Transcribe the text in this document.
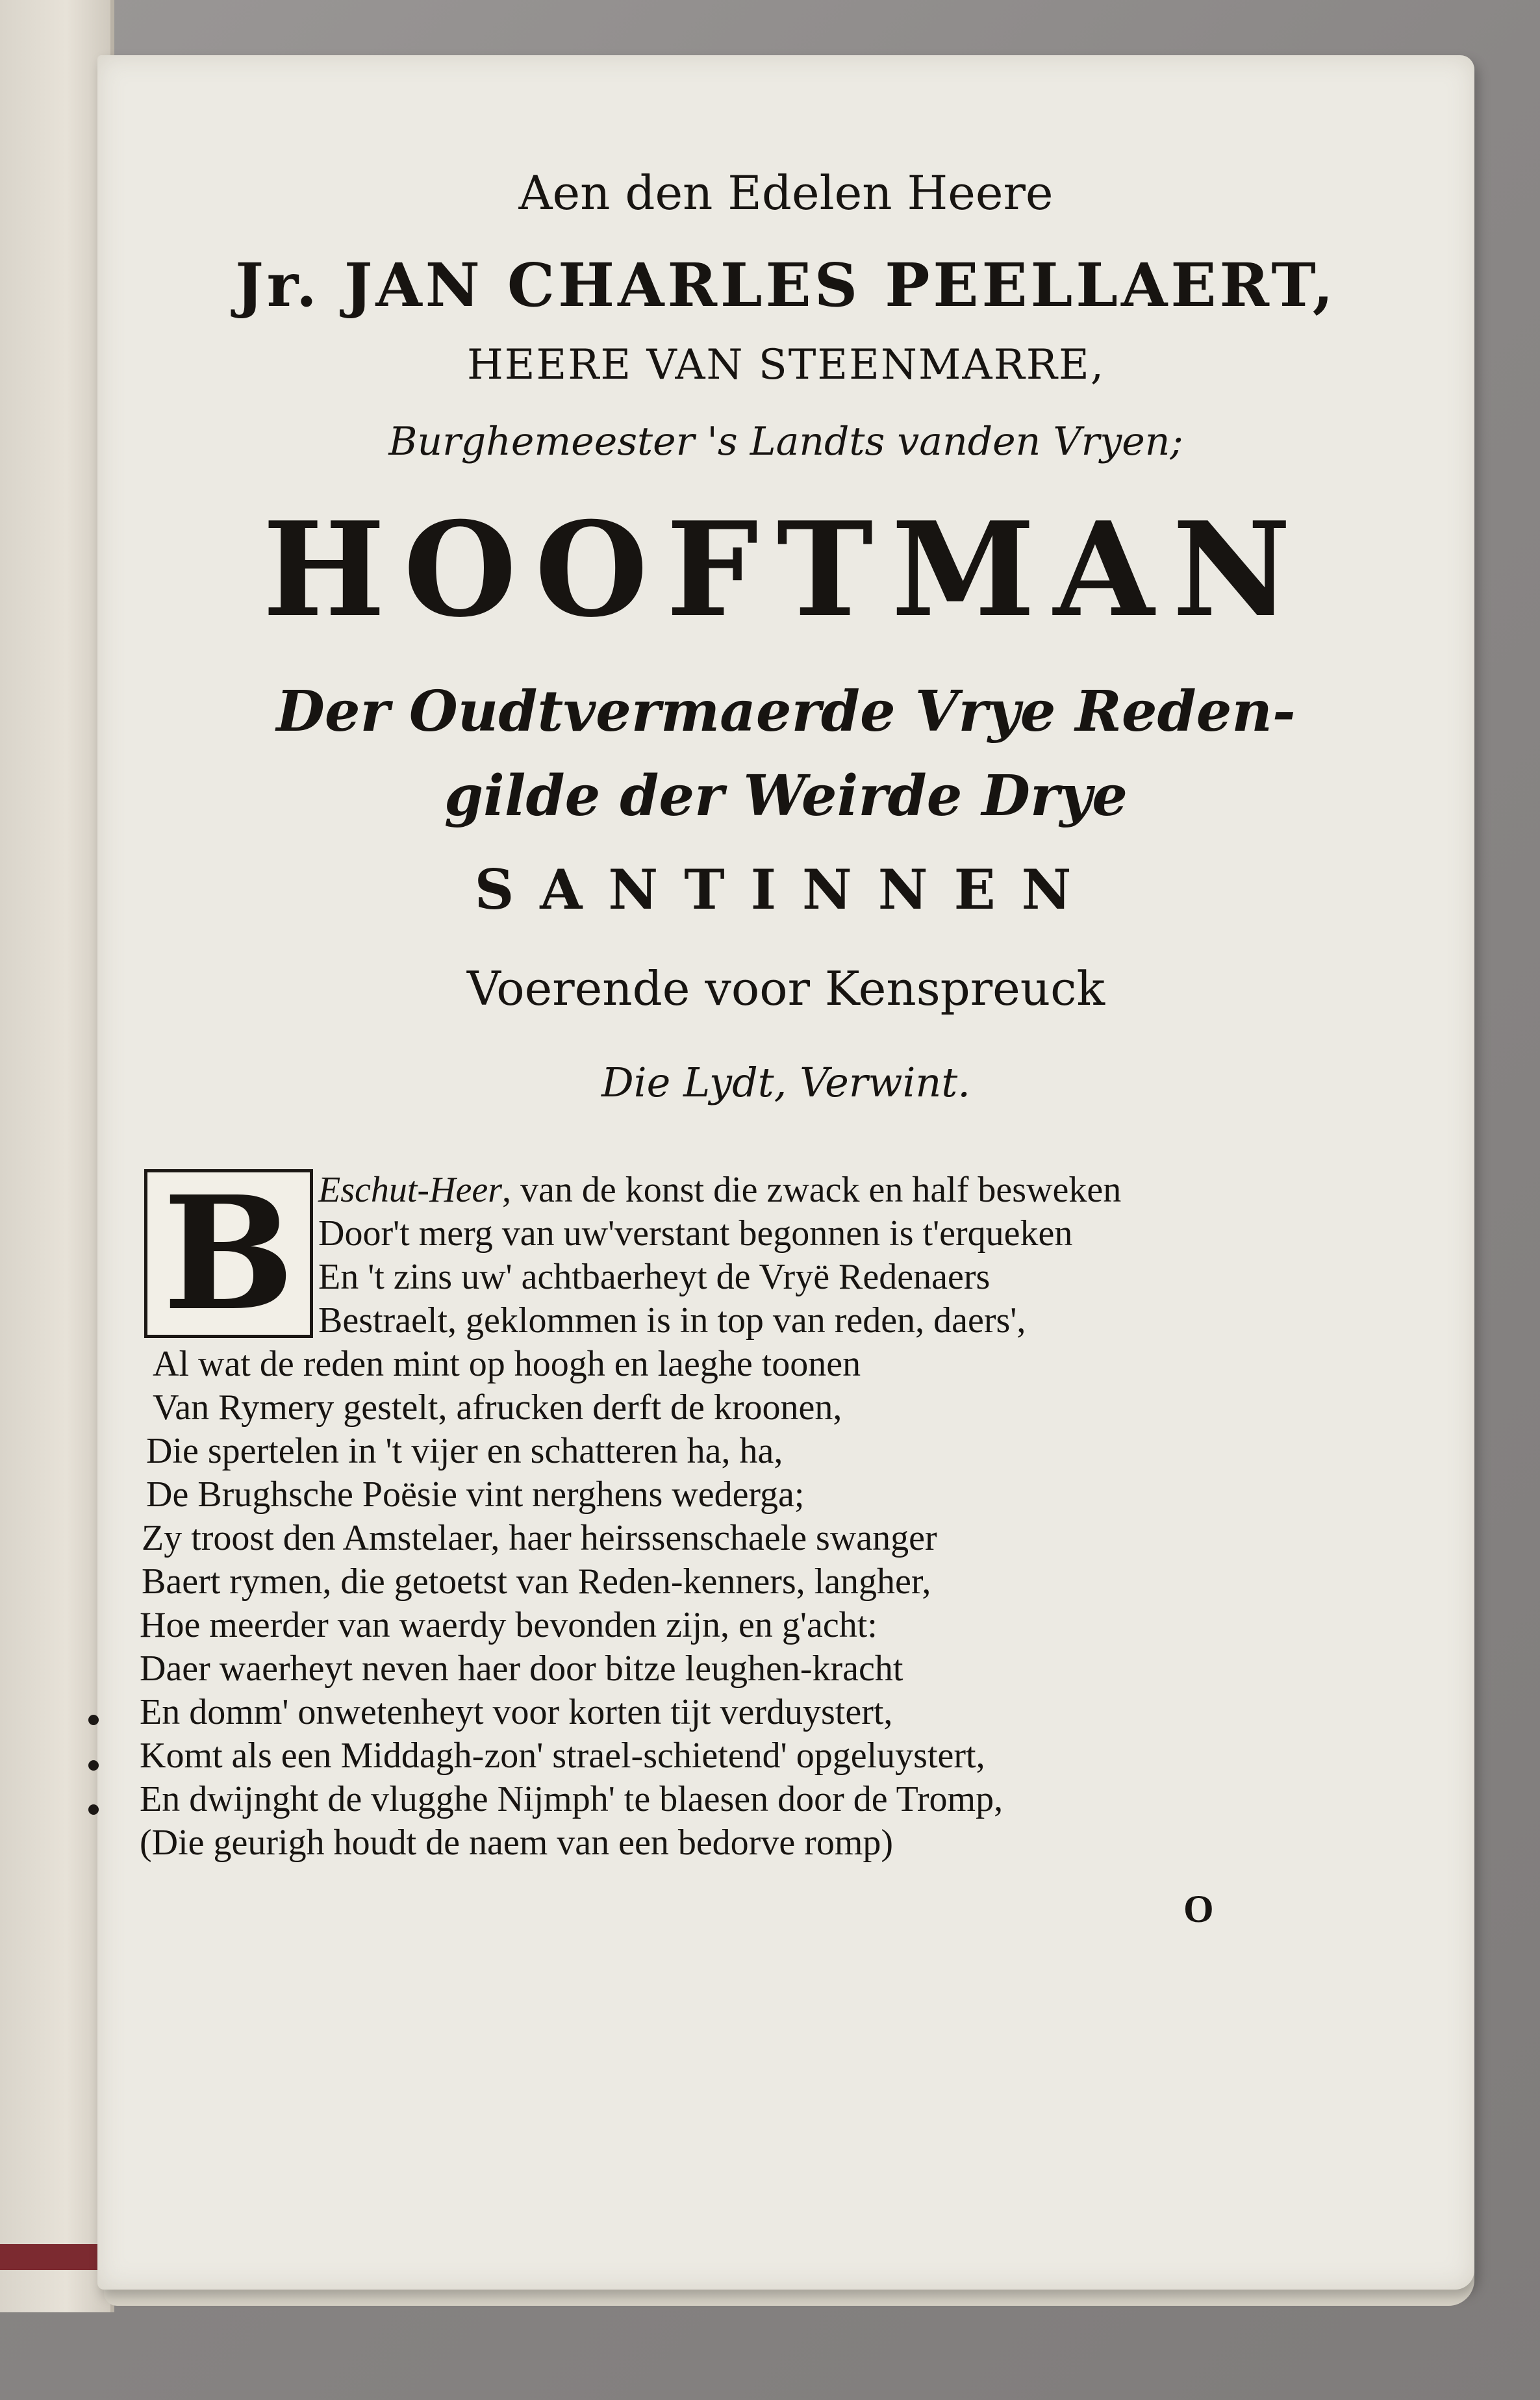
Aen den Edelen Heere
Jr. JAN CHARLES PEELLAERT,
HEERE VAN STEENMARRE,
Burghemeester 's Landts vanden Vryen;
HOOFTMAN
Der Oudtvermaerde Vrye Reden-
gilde der Weirde Drye
SANTINNEN
Voerende voor Kenspreuck
Die Lydt, Verwint.
B Eschut-Heer, van de konst die zwack en half besweken
Door't merg van uw'verstant begonnen is t'erqueken
En 't zins uw' achtbaerheyt de Vryë Redenaers
Bestraelt, geklommen is in top van reden, daers',
Al wat de reden mint op hoogh en laeghe toonen
Van Rymery gestelt, afrucken derft de kroonen,
Die spertelen in 't vijer en schatteren ha, ha,
De Brughsche Poësie vint nerghens wederga;
Zy troost den Amstelaer, haer heirssenschaele swanger
Baert rymen, die getoetst van Reden-kenners, langher,
Hoe meerder van waerdy bevonden zijn, en g'acht:
Daer waerheyt neven haer door bitze leughen-kracht
En domm' onwetenheyt voor korten tijt verduystert,
Komt als een Middagh-zon' strael-schietend' opgeluystert,
En dwijnght de vlugghe Nijmph' te blaesen door de Tromp,
(Die geurigh houdt de naem van een bedorve romp)
O
